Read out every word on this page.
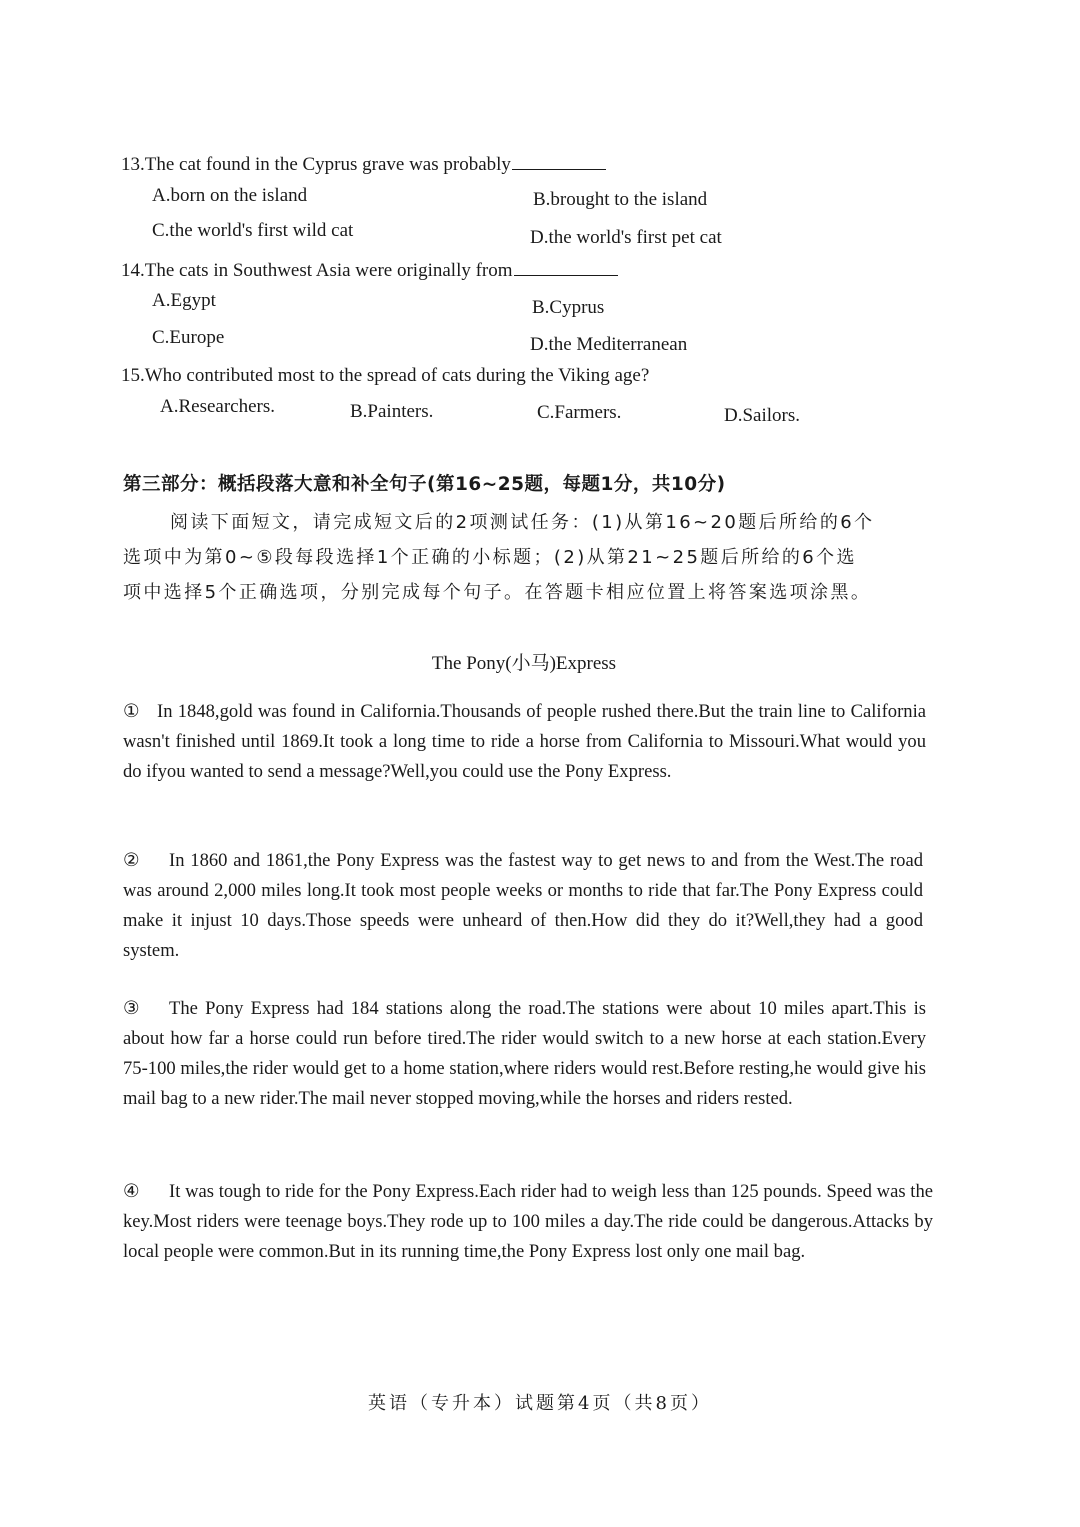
13.The cat found in the Cyprus grave was probably
A.born on the island	B.brought to the island
C.the world's first wild cat	D.the world's first pet cat
14.The cats in Southwest Asia were originally from
A.Egypt	B.Cyprus
C.Europe	D.the Mediterranean
15.Who contributed most to the spread of cats during the Viking age?
A.Researchers.	B.Painters.	C.Farmers.	D.Sailors.
第三部分：概括段落大意和补全句子(第16~25题，每题1分，共10分)
阅读下面短文，请完成短文后的2项测试任务：(1)从第16~20题后所给的6个
选项中为第0~⑤段每段选择1个正确的小标题；(2)从第21~25题后所给的6个选
项中选择5个正确选项，分别完成每个句子。在答题卡相应位置上将答案选项涂黑。
The Pony(小马)Express
① In 1848,gold was found in California.Thousands of people rushed there.But the train line to California wasn't finished until 1869.It took a long time to ride a horse from California to Missouri.What would you do ifyou wanted to send a message?Well,you could use the Pony Express.
② In 1860 and 1861,the Pony Express was the fastest way to get news to and from the West.The road was around 2,000 miles long.It took most people weeks or months to ride that far.The Pony Express could make it injust 10 days.Those speeds were unheard of then.How did they do it?Well,they had a good system.
③ The Pony Express had 184 stations along the road.The stations were about 10 miles apart.This is about how far a horse could run before tired.The rider would switch to a new horse at each station.Every 75-100 miles,the rider would get to a home station,where riders would rest.Before resting,he would give his mail bag to a new rider.The mail never stopped moving,while the horses and riders rested.
④ It was tough to ride for the Pony Express.Each rider had to weigh less than 125 pounds. Speed was the key.Most riders were teenage boys.They rode up to 100 miles a day.The ride could be dangerous.Attacks by local people were common.But in its running time,the Pony Express lost only one mail bag.
英语（专升本）试题第4页（共8页）
